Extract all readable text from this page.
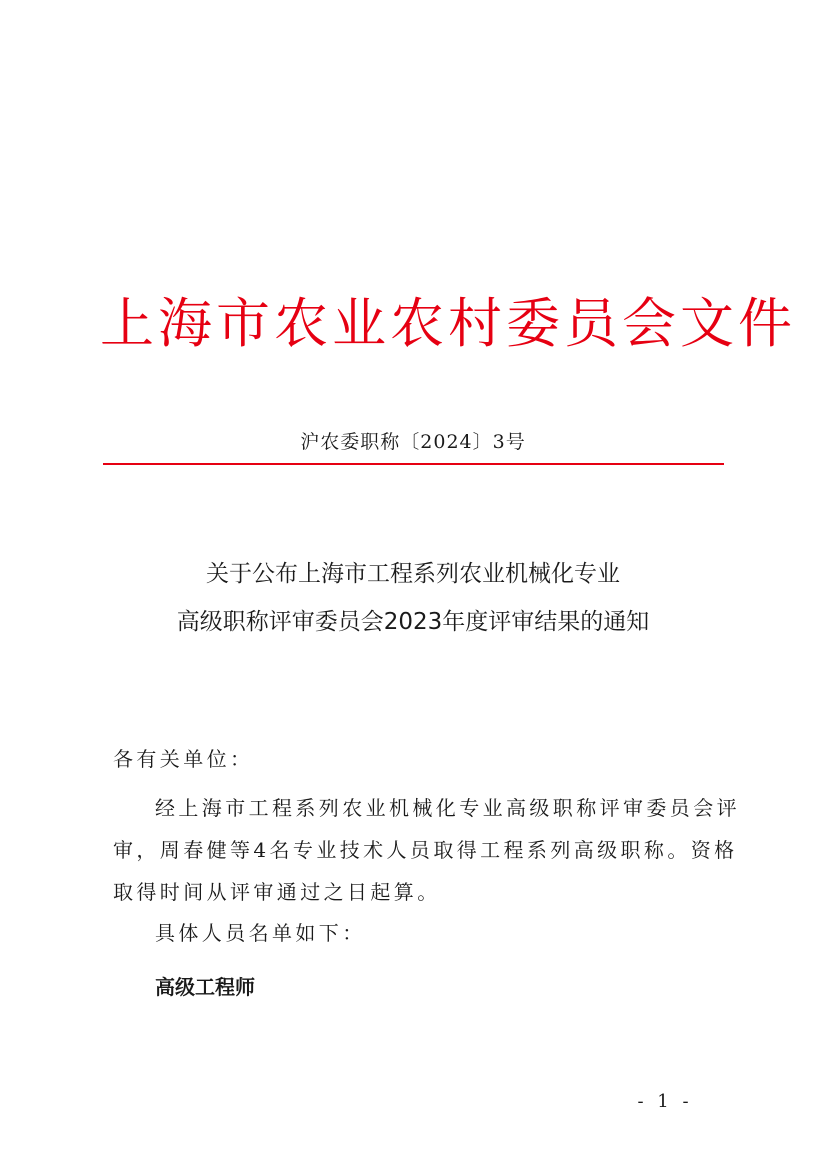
上海市农业农村委员会文件
沪农委职称〔2024〕3号
关于公布上海市工程系列农业机械化专业
高级职称评审委员会2023年度评审结果的通知
各有关单位：
经上海市工程系列农业机械化专业高级职称评审委员会评
审，周春健等4名专业技术人员取得工程系列高级职称。资格
取得时间从评审通过之日起算。
具体人员名单如下：
高级工程师
- 1 -
